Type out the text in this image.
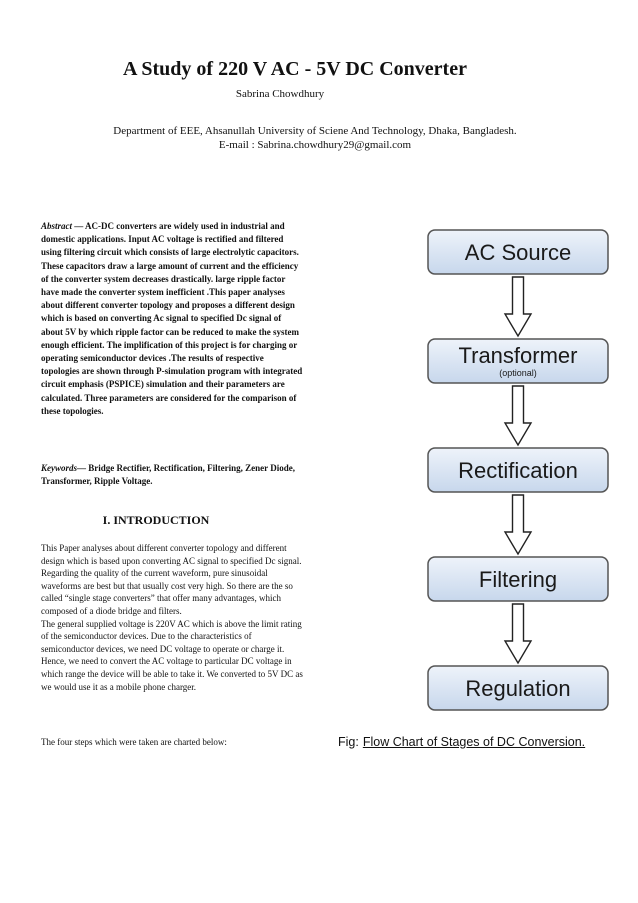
A Study of 220 V AC - 5V DC Converter
Sabrina Chowdhury
Department of EEE, Ahsanullah University of Sciene And Technology, Dhaka, Bangladesh.
E-mail : Sabrina.chowdhury29@gmail.com
Abstract — AC-DC converters are widely used in industrial and domestic applications. Input AC voltage is rectified and filtered using filtering circuit which consists of large electrolytic capacitors. These capacitors draw a large amount of current and the efficiency of the converter system decreases drastically. large ripple factor have made the converter system inefficient .This paper analyses about different converter topology and proposes a different design which is based on converting Ac signal to specified Dc signal of about 5V by which ripple factor can be reduced to make the system enough efficient. The implification of this project is for charging or operating semiconductor devices .The results of respective topologies are shown through P-simulation program with integrated circuit emphasis (PSPICE) simulation and their parameters are calculated. Three parameters are considered for the comparison of these topologies.
Keywords— Bridge Rectifier, Rectification, Filtering, Zener Diode, Transformer, Ripple Voltage.
I. INTRODUCTION

This Paper analyses about different converter topology and different design which is based upon converting AC signal to specified Dc signal. Regarding the quality of the current waveform, pure sinusoidal waveforms are best but that usually cost very high. So there are the so called “single stage converters” that offer many advantages, which composed of a diode bridge and filters.

The general supplied voltage is 220V AC which is above the limit rating of the semiconductor devices. Due to the characteristics of semiconductor devices, we need DC voltage to operate or charge it. Hence, we need to convert the AC voltage to particular DC voltage in which range the device will be able to take it. We converted to 5V DC as we would use it as a mobile phone charger.

The four steps which were taken are charted below:
AC Source
Transformer
(optional)
Rectification
Filtering
Regulation
Fig: Flow Chart of Stages of DC Conversion.
